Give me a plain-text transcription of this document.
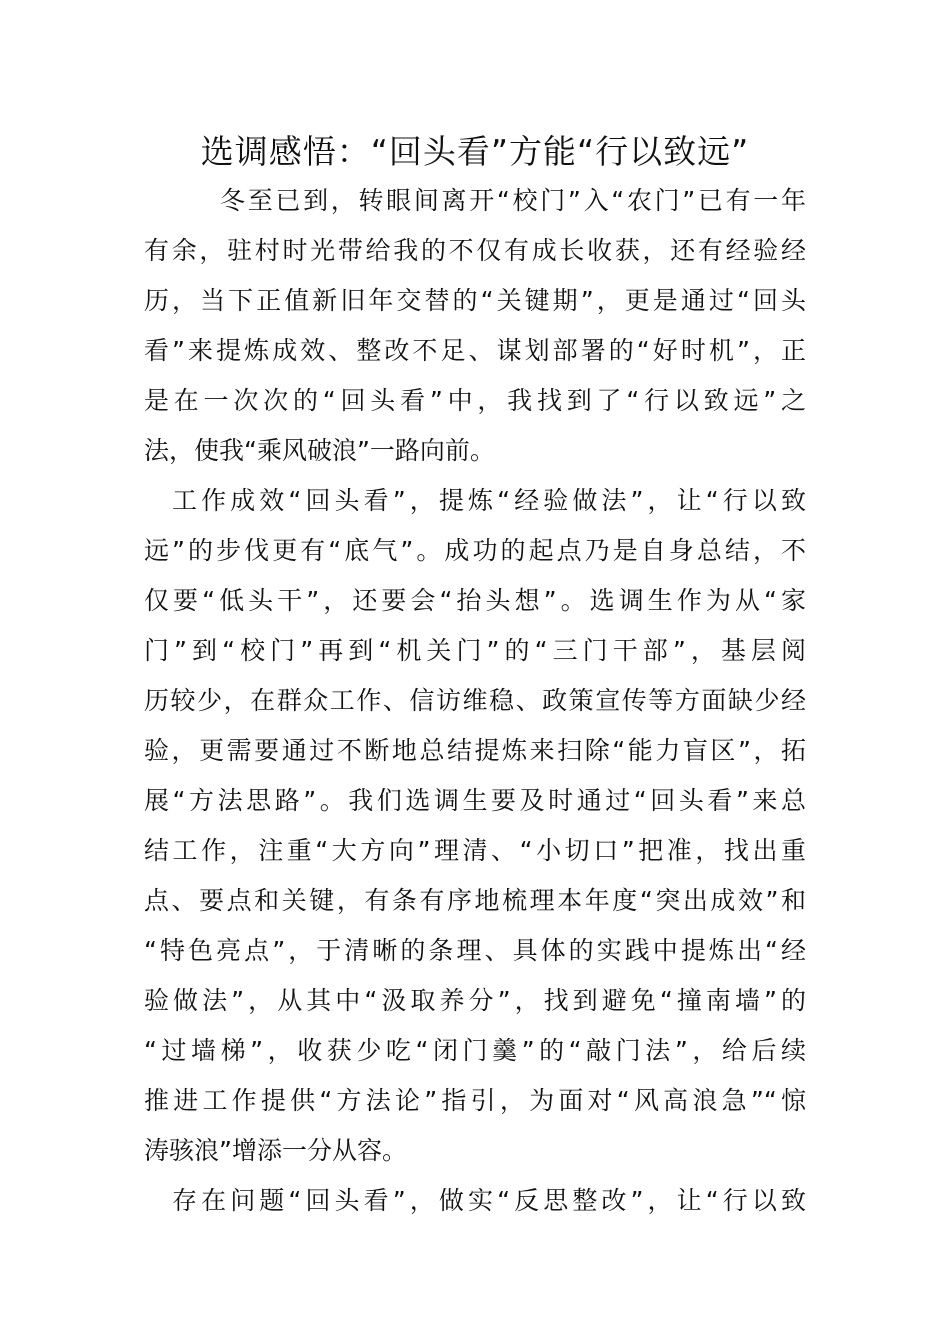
选调感悟：“回头看”方能“行以致远”
冬至已到，转眼间离开“校门”入“农门”已有一年
有余，驻村时光带给我的不仅有成长收获，还有经验经
历，当下正值新旧年交替的“关键期”，更是通过“回头
看”来提炼成效、整改不足、谋划部署的“好时机”，正
是在一次次的“回头看”中，我找到了“行以致远”之
法，使我“乘风破浪”一路向前。
工作成效“回头看”，提炼“经验做法”，让“行以致
远”的步伐更有“底气”。成功的起点乃是自身总结，不
仅要“低头干”，还要会“抬头想”。选调生作为从“家
门”到“校门”再到“机关门”的“三门干部”，基层阅
历较少，在群众工作、信访维稳、政策宣传等方面缺少经
验，更需要通过不断地总结提炼来扫除“能力盲区”，拓
展“方法思路”。我们选调生要及时通过“回头看”来总
结工作，注重“大方向”理清、“小切口”把准，找出重
点、要点和关键，有条有序地梳理本年度“突出成效”和
“特色亮点”，于清晰的条理、具体的实践中提炼出“经
验做法”，从其中“汲取养分”，找到避免“撞南墙”的
“过墙梯”，收获少吃“闭门羹”的“敲门法”，给后续
推进工作提供“方法论”指引，为面对“风高浪急”“惊
涛骇浪”增添一分从容。
存在问题“回头看”，做实“反思整改”，让“行以致
